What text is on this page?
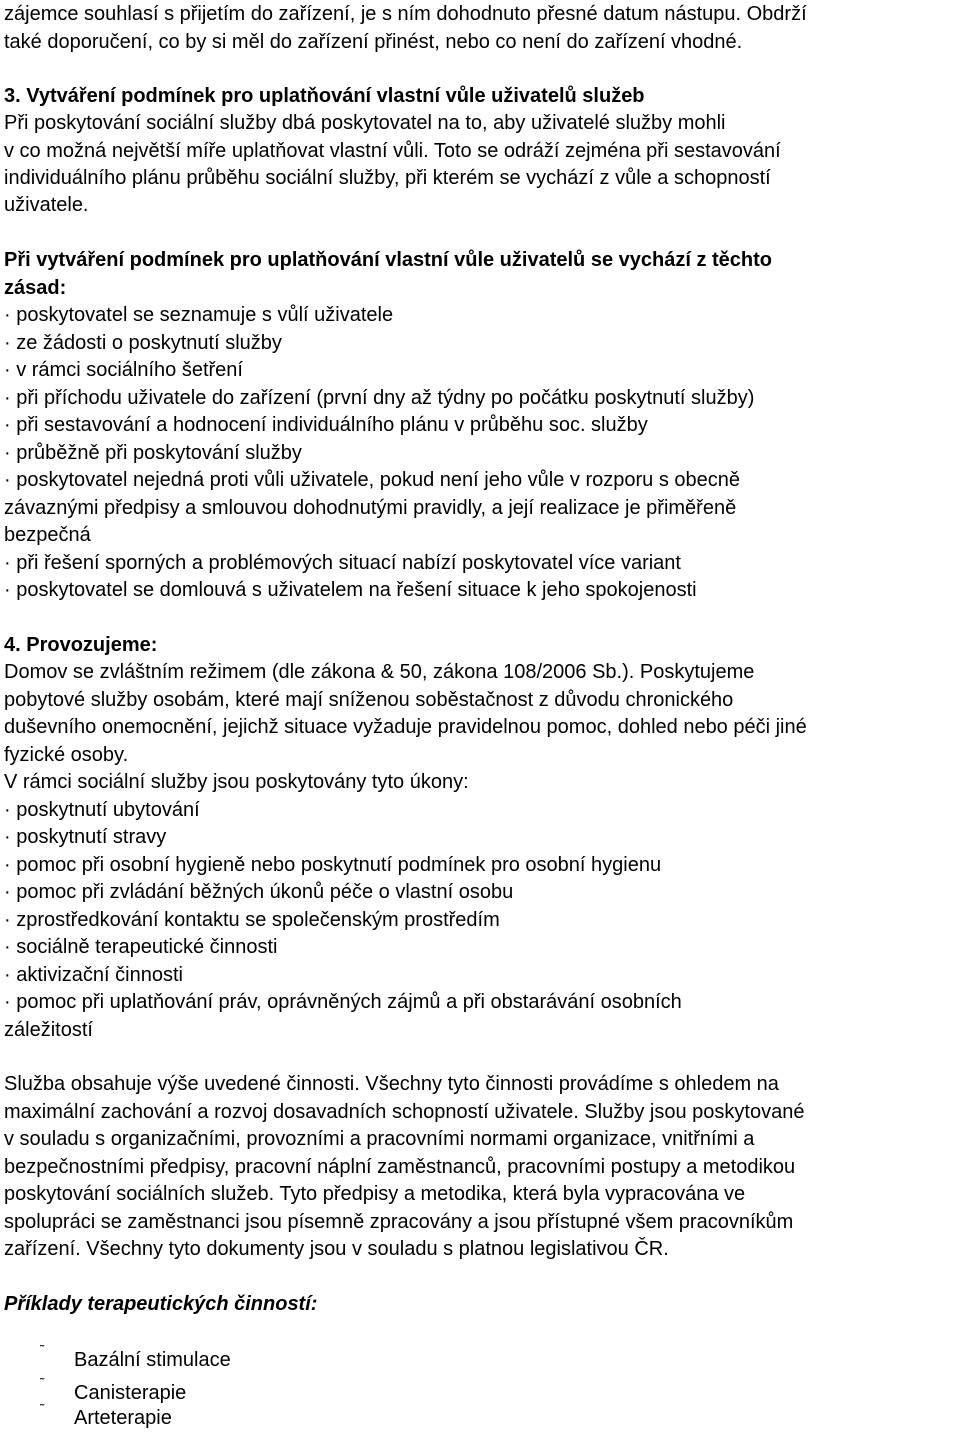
zájemce souhlasí s přijetím do zařízení, je s ním dohodnuto přesné datum nástupu. Obdrží
také doporučení, co by si měl do zařízení přinést, nebo co není do zařízení vhodné.
3. Vytváření podmínek pro uplatňování vlastní vůle uživatelů služeb
Při poskytování sociální služby dbá poskytovatel na to, aby uživatelé služby mohli
v co možná největší míře uplatňovat vlastní vůli. Toto se odráží zejména při sestavování
individuálního plánu průběhu sociální služby, při kterém se vychází z vůle a schopností
uživatele.
Při vytváření podmínek pro uplatňování vlastní vůle uživatelů se vychází z těchto
zásad:
· poskytovatel se seznamuje s vůlí uživatele
· ze žádosti o poskytnutí služby
· v rámci sociálního šetření
· při příchodu uživatele do zařízení (první dny až týdny po počátku poskytnutí služby)
· při sestavování a hodnocení individuálního plánu v průběhu soc. služby
· průběžně při poskytování služby
· poskytovatel nejedná proti vůli uživatele, pokud není jeho vůle v rozporu s obecně
závaznými předpisy a smlouvou dohodnutými pravidly, a její realizace je přiměřeně
bezpečná
· při řešení sporných a problémových situací nabízí poskytovatel více variant
· poskytovatel se domlouvá s uživatelem na řešení situace k jeho spokojenosti
4. Provozujeme:
Domov se zvláštním režimem (dle zákona & 50, zákona 108/2006 Sb.). Poskytujeme
pobytové služby osobám, které mají sníženou soběstačnost z důvodu chronického
duševního onemocnění, jejichž situace vyžaduje pravidelnou pomoc, dohled nebo péči jiné
fyzické osoby.
V rámci sociální služby jsou poskytovány tyto úkony:
· poskytnutí ubytování
· poskytnutí stravy
· pomoc při osobní hygieně nebo poskytnutí podmínek pro osobní hygienu
· pomoc při zvládání běžných úkonů péče o vlastní osobu
· zprostředkování kontaktu se společenským prostředím
· sociálně terapeutické činnosti
· aktivizační činnosti
· pomoc při uplatňování práv, oprávněných zájmů a při obstarávání osobních
záležitostí
Služba obsahuje výše uvedené činnosti. Všechny tyto činnosti provádíme s ohledem na
maximální zachování a rozvoj dosavadních schopností uživatele. Služby jsou poskytované
v souladu s organizačními, provozními a pracovními normami organizace, vnitřními a
bezpečnostními předpisy, pracovní náplní zaměstnanců, pracovními postupy a metodikou
poskytování sociálních služeb. Tyto předpisy a metodika, která byla vypracována ve
spolupráci se zaměstnanci jsou písemně zpracovány a jsou přístupné všem pracovníkům
zařízení. Všechny tyto dokumenty jsou v souladu s platnou legislativou ČR.
Příklady terapeutických činností:
˜ Bazální stimulace
˜ Canisterapie
˜ Arteterapie
